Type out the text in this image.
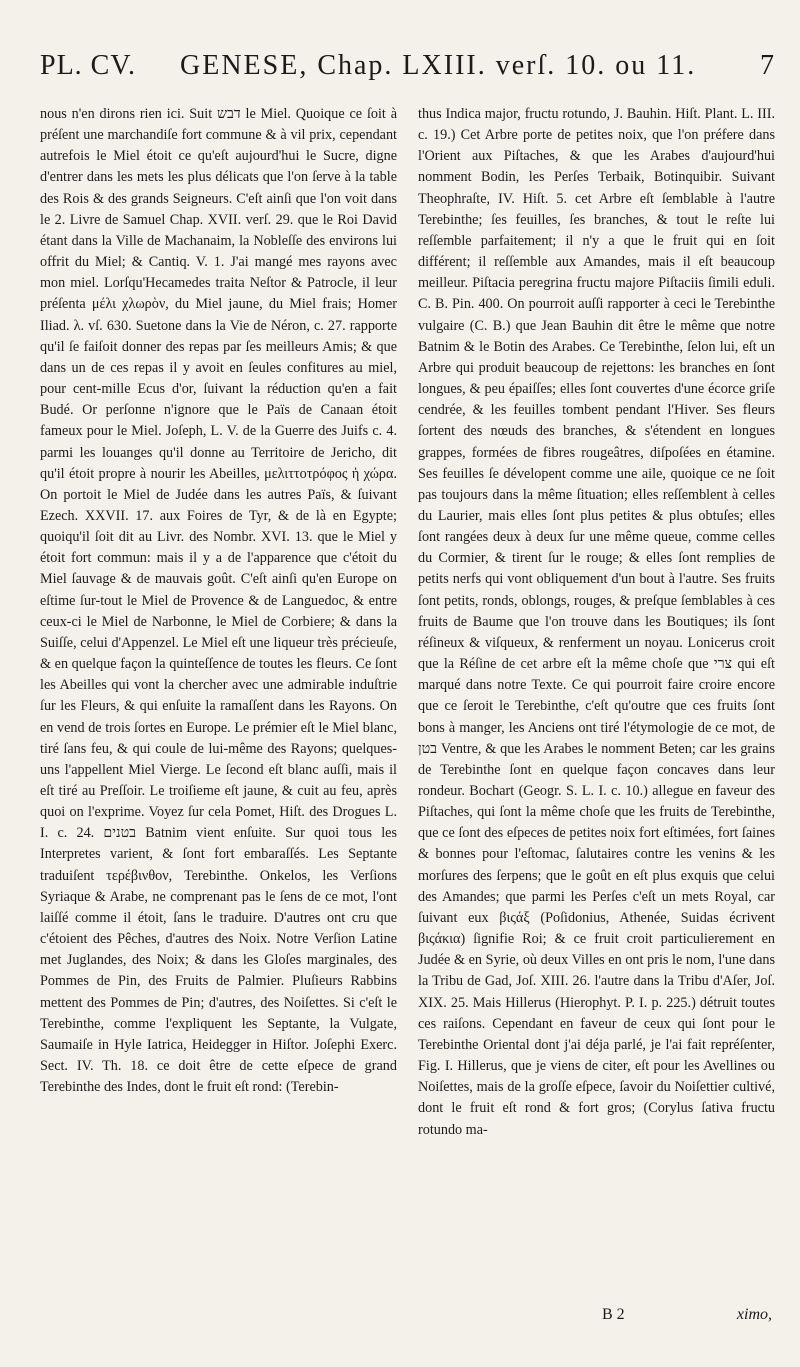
PL. CV. GENESE, Chap. LXIII. verſ. 10. ou 11. 7

nous n'en dirons rien ici. Suit דבש le Miel. Quoique ce ſoit à préſent une marchandiſe fort commune & à vil prix, cependant autrefois le Miel étoit ce qu'eſt aujourd'hui le Sucre, digne d'entrer dans les mets les plus délicats que l'on ſerve à la table des Rois & des grands Seigneurs. C'eſt ainſi que l'on voit dans le 2. Livre de Samuel Chap. XVII. verſ. 29. que le Roi David étant dans la Ville de Machanaim, la Nobleſſe des environs lui offrit du Miel; & Cantiq. V. 1. J'ai mangé mes rayons avec mon miel. Lorſqu'Hecamedes traita Neſtor & Patrocle, il leur préſenta μέλι χλωρὸν, du Miel jaune, du Miel frais; Homer Iliad. λ. vſ. 630. Suetone dans la Vie de Néron, c. 27. rapporte qu'il ſe faiſoit donner des repas par ſes meilleurs Amis; & que dans un de ces repas il y avoit en ſeules confitures au miel, pour cent-mille Ecus d'or, ſuivant la réduction qu'en a fait Budé. Or perſonne n'ignore que le Païs de Canaan étoit fameux pour le Miel. Joſeph, L. V. de la Guerre des Juifs c. 4. parmi les louanges qu'il donne au Territoire de Jericho, dit qu'il étoit propre à nourir les Abeilles, μελιττοτρόφος ἡ χώρα. On portoit le Miel de Judée dans les autres Païs, & ſuivant Ezech. XXVII. 17. aux Foires de Tyr, & de là en Egypte; quoiqu'il ſoit dit au Livr. des Nombr. XVI. 13. que le Miel y étoit fort commun: mais il y a de l'apparence que c'étoit du Miel ſauvage & de mauvais goût. C'eſt ainſi qu'en Europe on eſtime ſur-tout le Miel de Provence & de Languedoc, & entre ceux-ci le Miel de Narbonne, le Miel de Corbiere; & dans la Suiſſe, celui d'Appenzel. Le Miel eſt une liqueur très précieuſe, & en quelque façon la quinteſſence de toutes les fleurs. Ce ſont les Abeilles qui vont la chercher avec une admirable induſtrie ſur les Fleurs, & qui enſuite la ramaſſent dans les Rayons. On en vend de trois ſortes en Europe. Le prémier eſt le Miel blanc, tiré ſans feu, & qui coule de lui-même des Rayons; quelques-uns l'appellent Miel Vierge. Le ſecond eſt blanc auſſi, mais il eſt tiré au Preſſoir. Le troiſieme eſt jaune, & cuit au feu, après quoi on l'exprime. Voyez ſur cela Pomet, Hiſt. des Drogues L. I. c. 24. בטנים Batnim vient enſuite. Sur quoi tous les Interpretes varient, & ſont fort embaraſſés. Les Septante traduiſent τερέβινθον, Terebinthe. Onkelos, les Verſions Syriaque & Arabe, ne comprenant pas le ſens de ce mot, l'ont laiſſé comme il étoit, ſans le traduire. D'autres ont cru que c'étoient des Pêches, d'autres des Noix. Notre Verſion Latine met Juglandes, des Noix; & dans les Gloſes marginales, des Pommes de Pin, des Fruits de Palmier. Pluſieurs Rabbins mettent des Pommes de Pin; d'autres, des Noiſettes. Si c'eſt le Terebinthe, comme l'expliquent les Septante, la Vulgate, Saumaiſe in Hyle Iatrica, Heidegger in Hiſtor. Joſephi Exerc. Sect. IV. Th. 18. ce doit être de cette eſpece de grand Terebinthe des Indes, dont le fruit eſt rond: (Terebin-

thus Indica major, fructu rotundo, J. Bauhin. Hiſt. Plant. L. III. c. 19.) Cet Arbre porte de petites noix, que l'on préfere dans l'Orient aux Piſtaches, & que les Arabes d'aujourd'hui nomment Bodin, les Perſes Terbaik, Botinquibir. Suivant Theophraſte, IV. Hiſt. 5. cet Arbre eſt ſemblable à l'autre Terebinthe; ſes feuilles, ſes branches, & tout le reſte lui reſſemble parfaitement; il n'y a que le fruit qui en ſoit différent; il reſſemble aux Amandes, mais il eſt beaucoup meilleur. Piſtacia peregrina fructu majore Piſtaciis ſimili eduli. C. B. Pin. 400. On pourroit auſſi rapporter à ceci le Terebinthe vulgaire (C. B.) que Jean Bauhin dit être le même que notre Batnim & le Botin des Arabes. Ce Terebinthe, ſelon lui, eſt un Arbre qui produit beaucoup de rejettons: les branches en ſont longues, & peu épaiſſes; elles ſont couvertes d'une écorce griſe cendrée, & les feuilles tombent pendant l'Hiver. Ses fleurs ſortent des nœuds des branches, & s'étendent en longues grappes, formées de fibres rougeâtres, diſpoſées en étamine. Ses feuilles ſe dévelopent comme une aile, quoique ce ne ſoit pas toujours dans la même ſituation; elles reſſemblent à celles du Laurier, mais elles ſont plus petites & plus obtuſes; elles ſont rangées deux à deux ſur une même queue, comme celles du Cormier, & tirent ſur le rouge; & elles ſont remplies de petits nerfs qui vont obliquement d'un bout à l'autre. Ses fruits ſont petits, ronds, oblongs, rouges, & preſque ſemblables à ces fruits de Baume que l'on trouve dans les Boutiques; ils ſont réſineux & viſqueux, & renferment un noyau. Lonicerus croit que la Réſine de cet arbre eſt la même choſe que צרי qui eſt marqué dans notre Texte. Ce qui pourroit faire croire encore que ce ſeroit le Terebinthe, c'eſt qu'outre que ces fruits ſont bons à manger, les Anciens ont tiré l'étymologie de ce mot, de בטן Ventre, & que les Arabes le nomment Beten; car les grains de Terebinthe ſont en quelque façon concaves dans leur rondeur. Bochart (Geogr. S. L. I. c. 10.) allegue en faveur des Piſtaches, qui ſont la même choſe que les fruits de Terebinthe, que ce ſont des eſpeces de petites noix fort eſtimées, fort ſaines & bonnes pour l'eſtomac, ſalutaires contre les venins & les morſures des ſerpens; que le goût en eſt plus exquis que celui des Amandes; que parmi les Perſes c'eſt un mets Royal, car ſuivant eux βιςάξ (Poſidonius, Athenée, Suidas écrivent βιςάκια) ſignifie Roi; & ce fruit croit particulierement en Judée & en Syrie, où deux Villes en ont pris le nom, l'une dans la Tribu de Gad, Joſ. XIII. 26. l'autre dans la Tribu d'Aſer, Joſ. XIX. 25. Mais Hillerus (Hierophyt. P. I. p. 225.) détruit toutes ces raiſons. Cependant en faveur de ceux qui ſont pour le Terebinthe Oriental dont j'ai déja parlé, je l'ai fait repréſenter, Fig. I. Hillerus, que je viens de citer, eſt pour les Avellines ou Noiſettes, mais de la groſſe eſpece, ſavoir du Noiſettier cultivé, dont le fruit eſt rond & fort gros; (Corylus ſativa fructu rotundo ma-

B 2	ximo,
